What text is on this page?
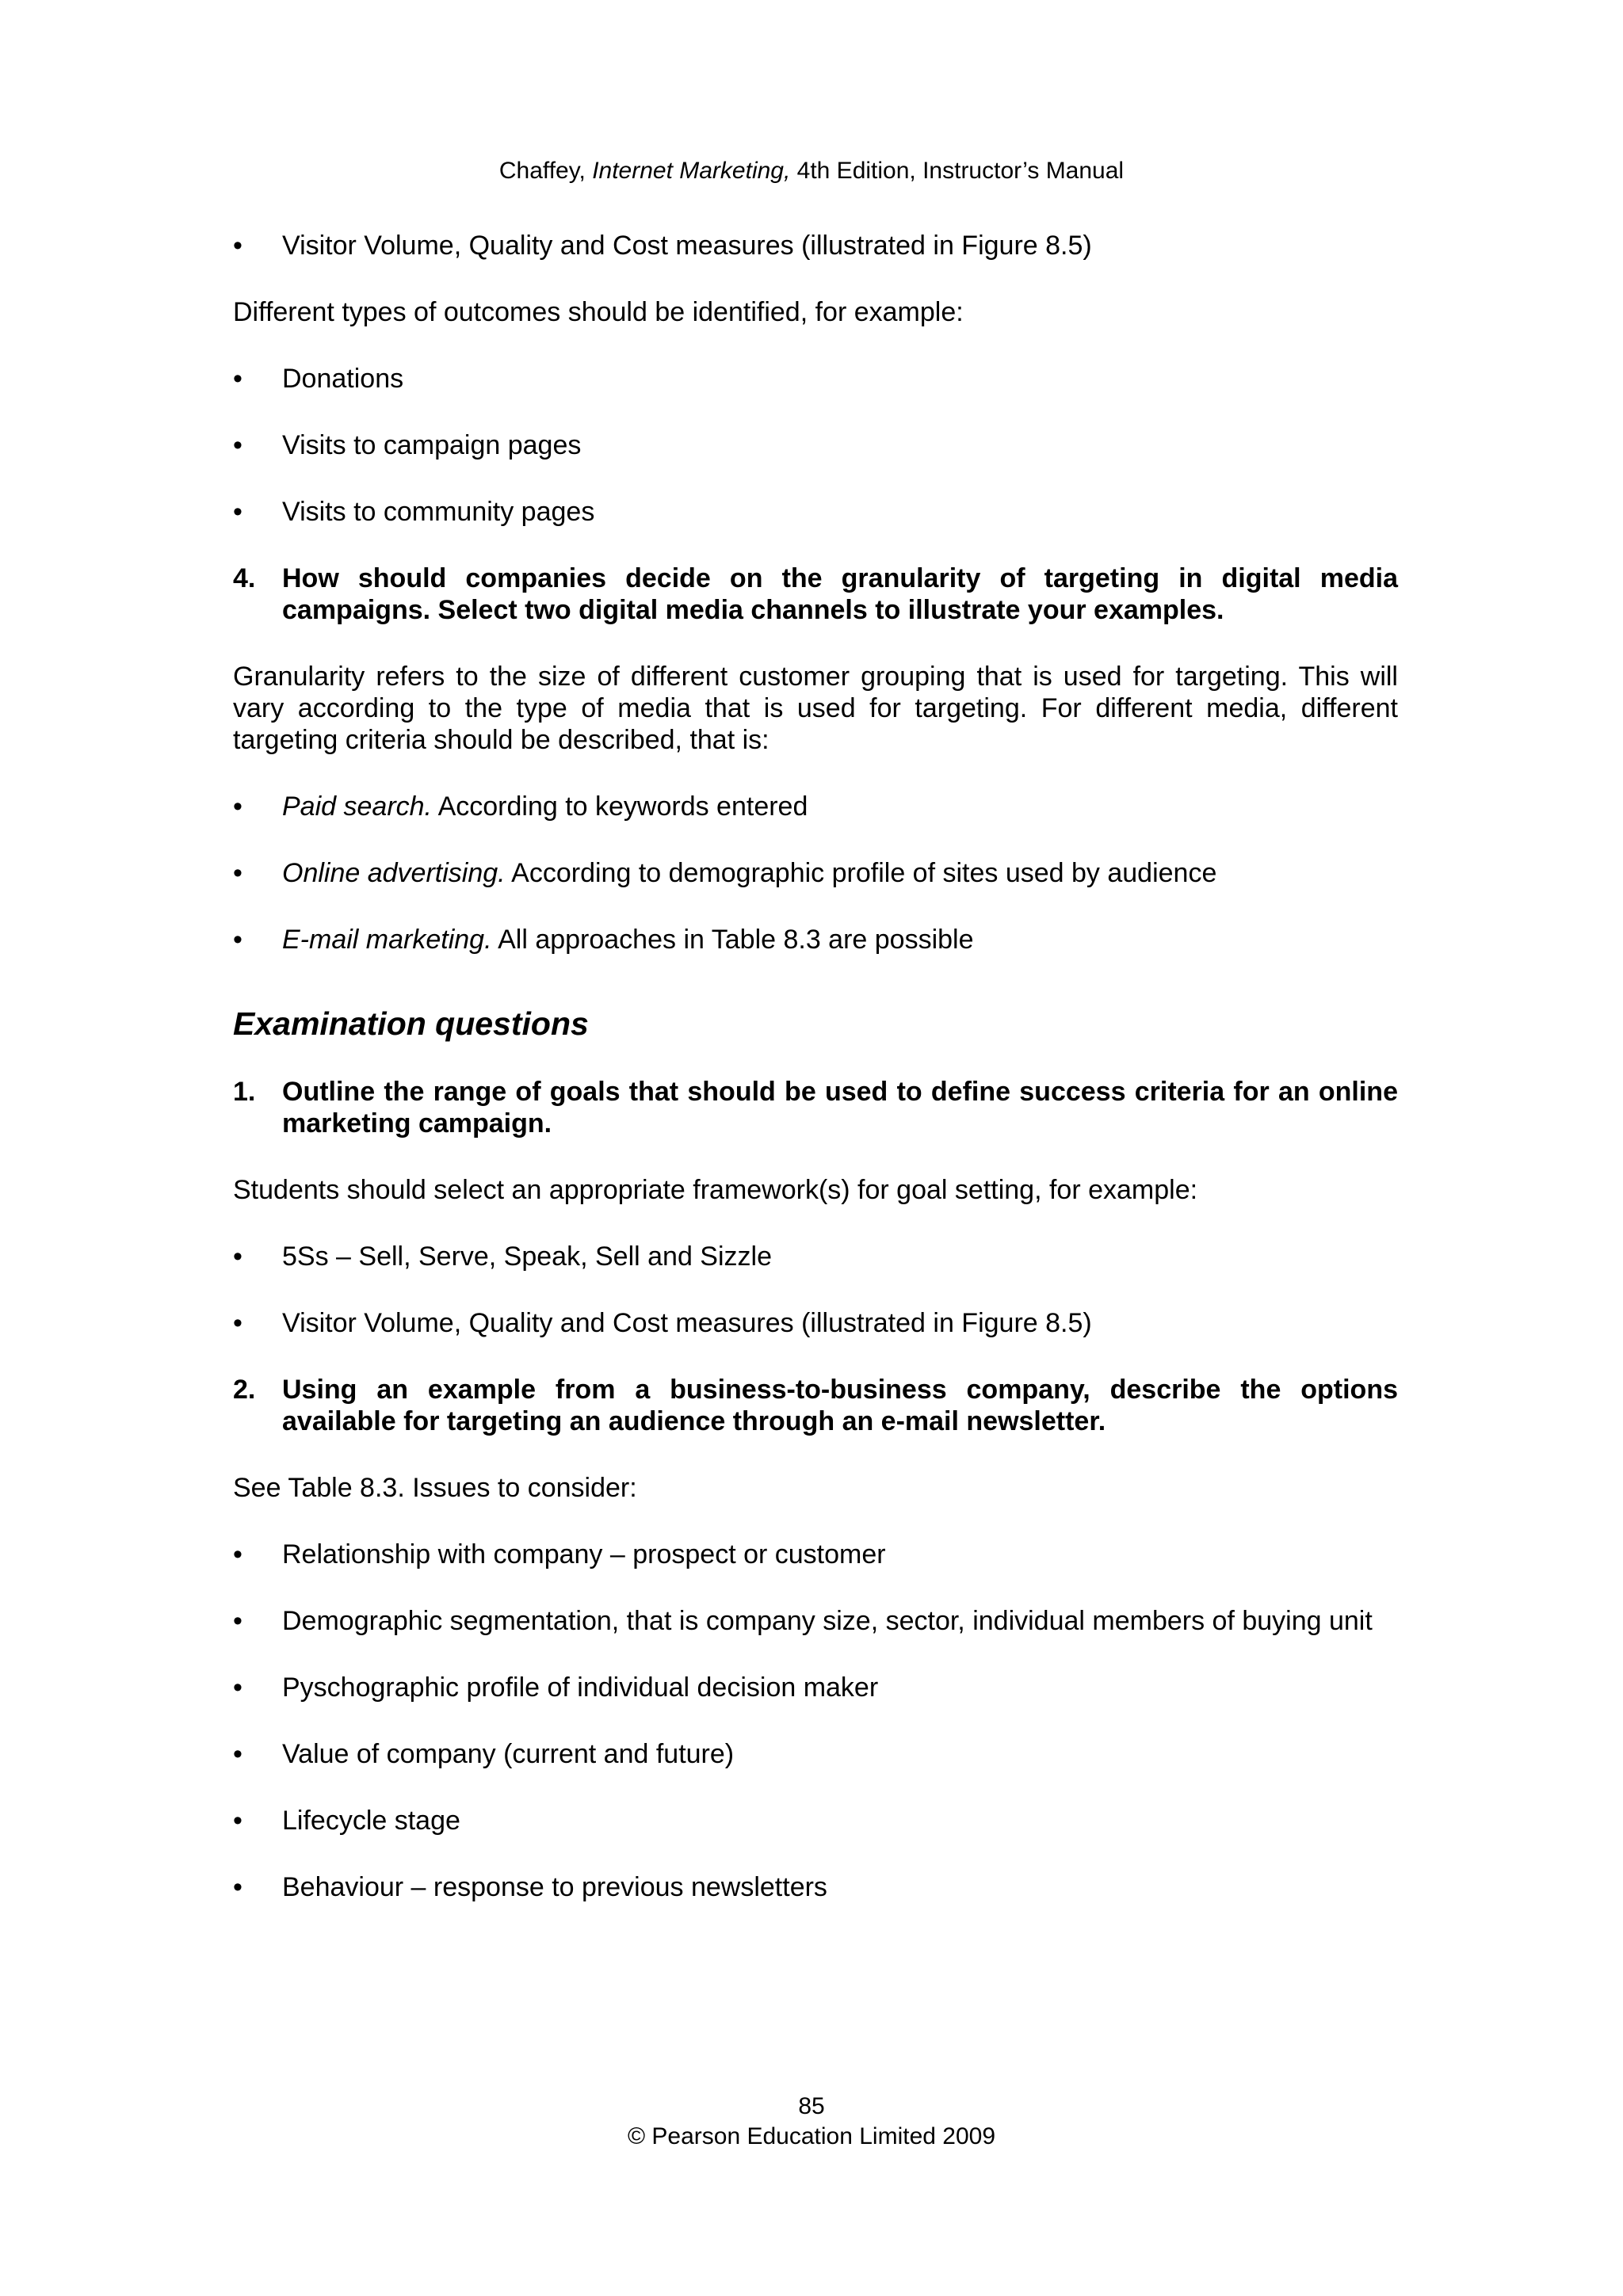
Chaffey, Internet Marketing, 4th Edition, Instructor’s Manual
• Visitor Volume, Quality and Cost measures (illustrated in Figure 8.5)

Different types of outcomes should be identified, for example:

• Donations
• Visits to campaign pages
• Visits to community pages
4. How should companies decide on the granularity of targeting in digital media campaigns. Select two digital media channels to illustrate your examples.

Granularity refers to the size of different customer grouping that is used for targeting. This will vary according to the type of media that is used for targeting. For different media, different targeting criteria should be described, that is:

• Paid search. According to keywords entered
• Online advertising. According to demographic profile of sites used by audience
• E-mail marketing. All approaches in Table 8.3 are possible
Examination questions
1. Outline the range of goals that should be used to define success criteria for an online marketing campaign.

Students should select an appropriate framework(s) for goal setting, for example:

• 5Ss – Sell, Serve, Speak, Sell and Sizzle
• Visitor Volume, Quality and Cost measures (illustrated in Figure 8.5)
2. Using an example from a business-to-business company, describe the options available for targeting an audience through an e-mail newsletter.

See Table 8.3. Issues to consider:

• Relationship with company – prospect or customer
• Demographic segmentation, that is company size, sector, individual members of buying unit
• Pyschographic profile of individual decision maker
• Value of company (current and future)
• Lifecycle stage
• Behaviour – response to previous newsletters
85
© Pearson Education Limited 2009
